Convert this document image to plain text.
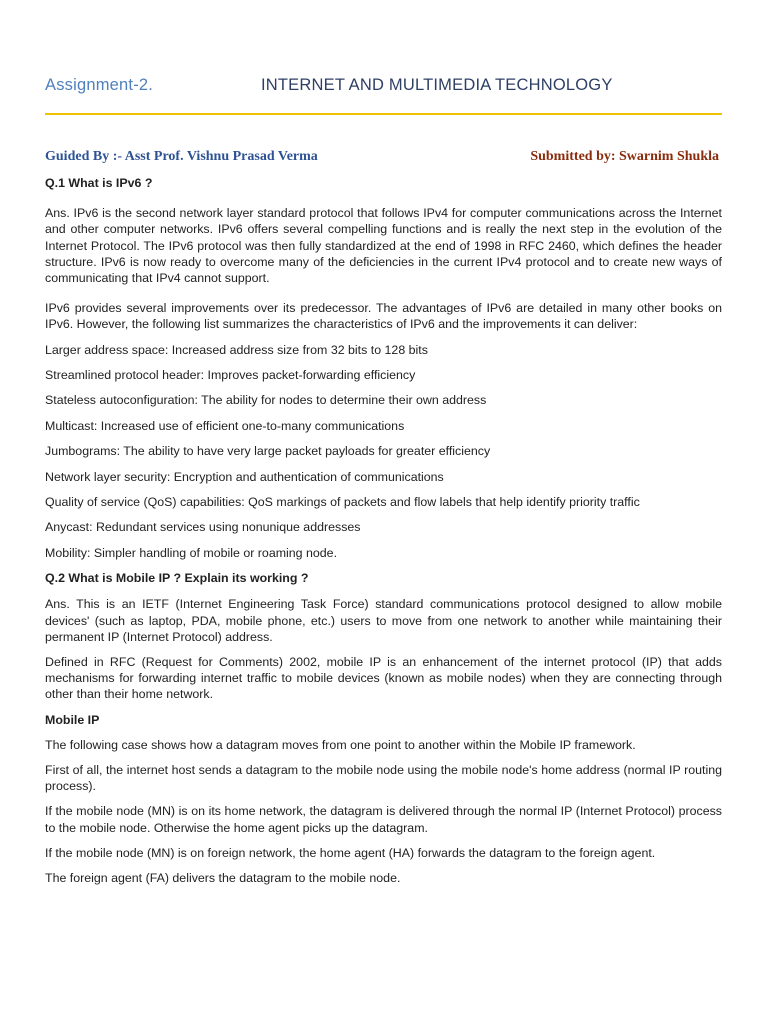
Assignment-2.	INTERNET AND MULTIMEDIA TECHNOLOGY
Guided By :- Asst Prof. Vishnu Prasad Verma	Submitted by: Swarnim Shukla
Q.1 What is IPv6 ?

Ans. IPv6 is the second network layer standard protocol that follows IPv4 for computer communications across the Internet and other computer networks. IPv6 offers several compelling functions and is really the next step in the evolution of the Internet Protocol. The IPv6 protocol was then fully standardized at the end of 1998 in RFC 2460, which defines the header structure. IPv6 is now ready to overcome many of the deficiencies in the current IPv4 protocol and to create new ways of communicating that IPv4 cannot support.

IPv6 provides several improvements over its predecessor. The advantages of IPv6 are detailed in many other books on IPv6. However, the following list summarizes the characteristics of IPv6 and the improvements it can deliver:

Larger address space: Increased address size from 32 bits to 128 bits
Streamlined protocol header: Improves packet-forwarding efficiency
Stateless autoconfiguration: The ability for nodes to determine their own address
Multicast: Increased use of efficient one-to-many communications
Jumbograms: The ability to have very large packet payloads for greater efficiency
Network layer security: Encryption and authentication of communications
Quality of service (QoS) capabilities: QoS markings of packets and flow labels that help identify priority traffic
Anycast: Redundant services using nonunique addresses
Mobility: Simpler handling of mobile or roaming node.
Q.2 What is Mobile IP ? Explain its working ?

Ans. This is an IETF (Internet Engineering Task Force) standard communications protocol designed to allow mobile devices' (such as laptop, PDA, mobile phone, etc.) users to move from one network to another while maintaining their permanent IP (Internet Protocol) address.

Defined in RFC (Request for Comments) 2002, mobile IP is an enhancement of the internet protocol (IP) that adds mechanisms for forwarding internet traffic to mobile devices (known as mobile nodes) when they are connecting through other than their home network.

Mobile IP

The following case shows how a datagram moves from one point to another within the Mobile IP framework.

First of all, the internet host sends a datagram to the mobile node using the mobile node's home address (normal IP routing process).

If the mobile node (MN) is on its home network, the datagram is delivered through the normal IP (Internet Protocol) process to the mobile node. Otherwise the home agent picks up the datagram.

If the mobile node (MN) is on foreign network, the home agent (HA) forwards the datagram to the foreign agent.

The foreign agent (FA) delivers the datagram to the mobile node.
